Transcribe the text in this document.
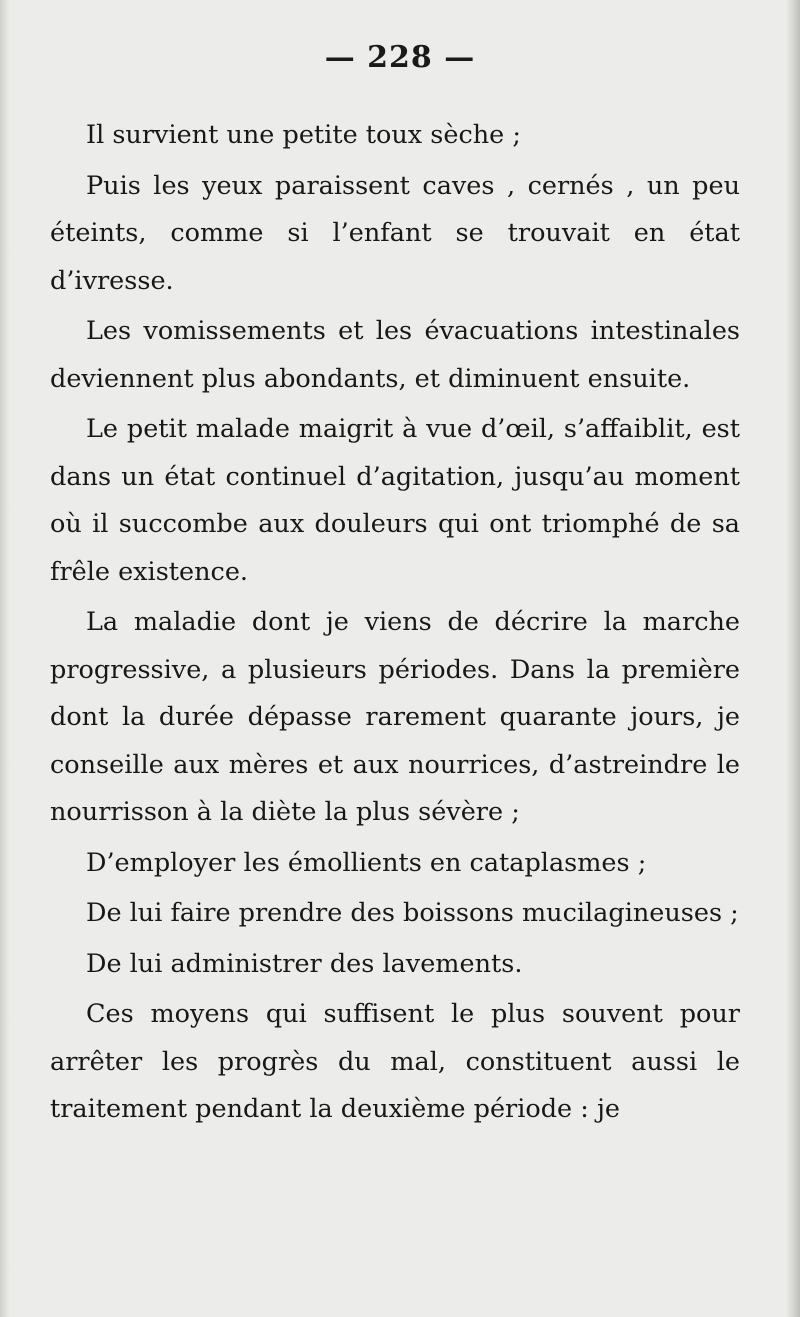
— 228 —

Il survient une petite toux sèche ;

Puis les yeux paraissent caves , cernés , un peu éteints, comme si l’enfant se trouvait en état d’ivresse.

Les vomissements et les évacuations intestinales deviennent plus abondants, et diminuent ensuite.

Le petit malade maigrit à vue d’œil, s’affaiblit, est dans un état continuel d’agitation, jusqu’au moment où il succombe aux douleurs qui ont triomphé de sa frêle existence.

La maladie dont je viens de décrire la marche progressive, a plusieurs périodes. Dans la première dont la durée dépasse rarement quarante jours, je conseille aux mères et aux nourrices, d’astreindre le nourrisson à la diète la plus sévère ;

D’employer les émollients en cataplasmes ;

De lui faire prendre des boissons mucilagineuses ;

De lui administrer des lavements.

Ces moyens qui suffisent le plus souvent pour arrêter les progrès du mal, constituent aussi le traitement pendant la deuxième période : je
